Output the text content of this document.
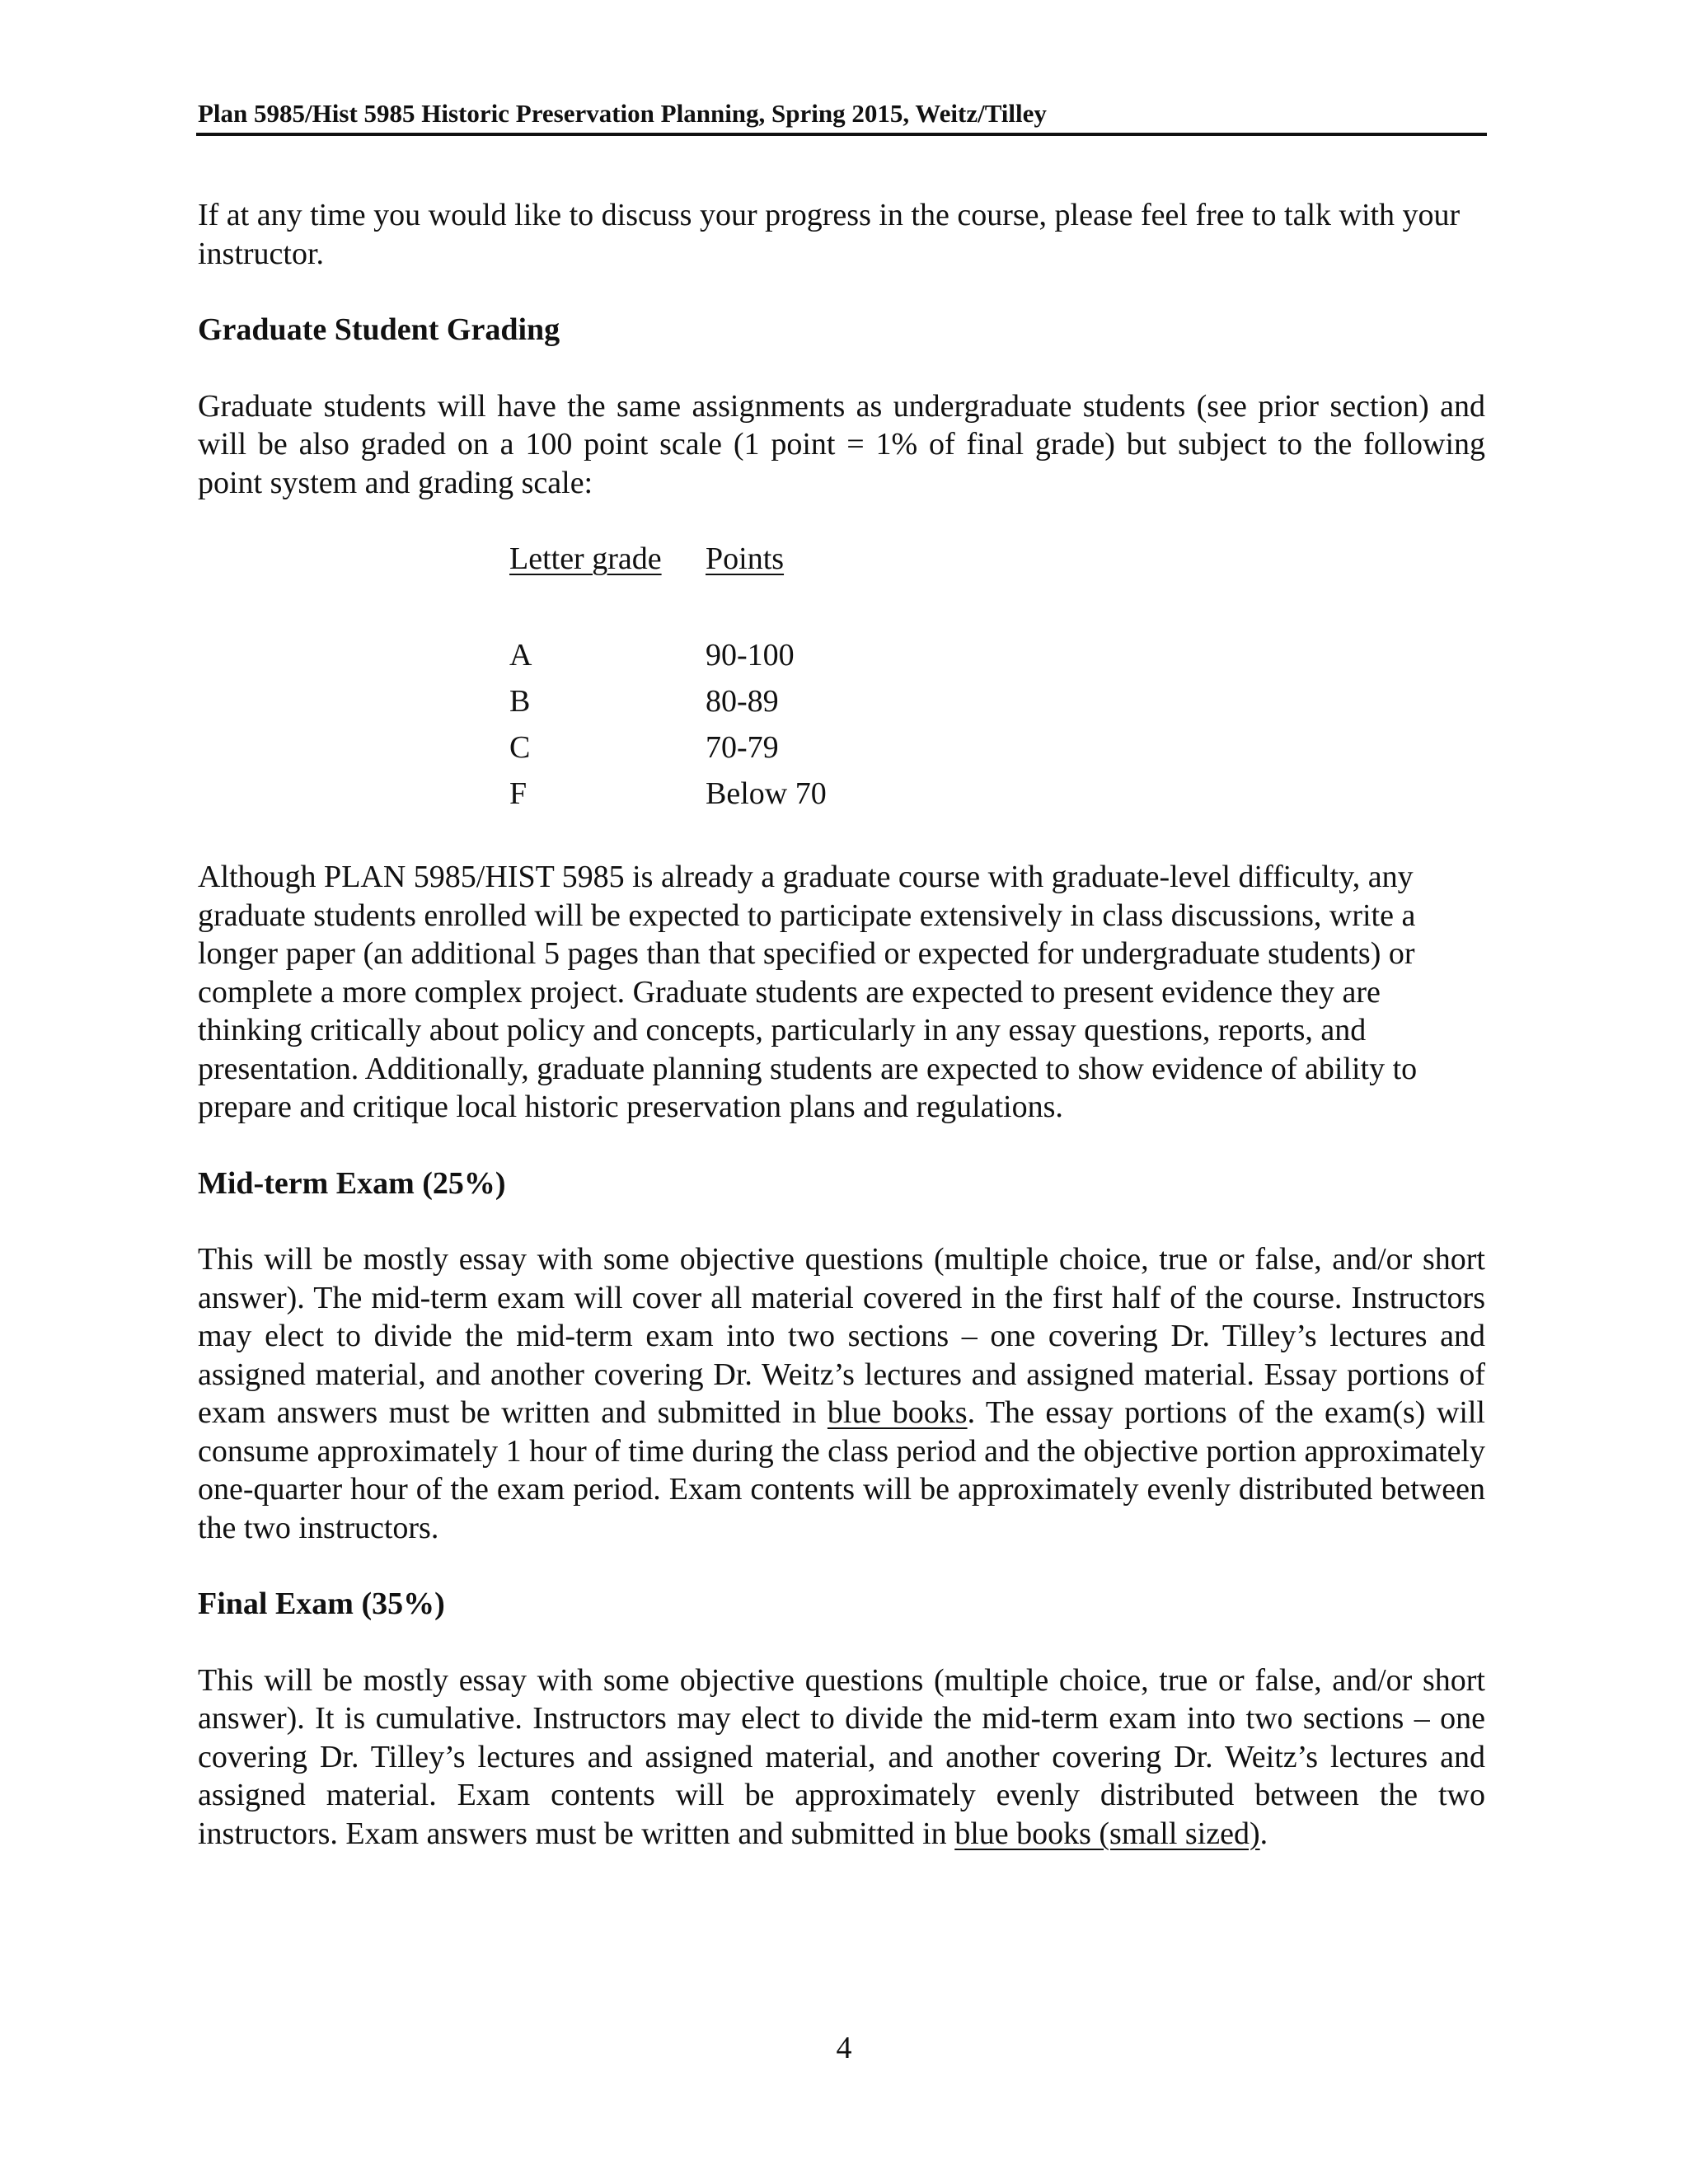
Plan 5985/Hist 5985 Historic Preservation Planning, Spring 2015, Weitz/Tilley

If at any time you would like to discuss your progress in the course, please feel free to talk with your instructor.

Graduate Student Grading

Graduate students will have the same assignments as undergraduate students (see prior section) and will be also graded on a 100 point scale (1 point = 1% of final grade) but subject to the following point system and grading scale:

Letter grade	Points
A	90-100
B	80-89
C	70-79
F	Below 70

Although PLAN 5985/HIST 5985 is already a graduate course with graduate-level difficulty, any graduate students enrolled will be expected to participate extensively in class discussions, write a longer paper (an additional 5 pages than that specified or expected for undergraduate students) or complete a more complex project. Graduate students are expected to present evidence they are thinking critically about policy and concepts, particularly in any essay questions, reports, and presentation. Additionally, graduate planning students are expected to show evidence of ability to prepare and critique local historic preservation plans and regulations.

Mid-term Exam (25%)

This will be mostly essay with some objective questions (multiple choice, true or false, and/or short answer). The mid-term exam will cover all material covered in the first half of the course. Instructors may elect to divide the mid-term exam into two sections – one covering Dr. Tilley’s lectures and assigned material, and another covering Dr. Weitz’s lectures and assigned material. Essay portions of exam answers must be written and submitted in blue books. The essay portions of the exam(s) will consume approximately 1 hour of time during the class period and the objective portion approximately one-quarter hour of the exam period. Exam contents will be approximately evenly distributed between the two instructors.

Final Exam (35%)

This will be mostly essay with some objective questions (multiple choice, true or false, and/or short answer). It is cumulative. Instructors may elect to divide the mid-term exam into two sections – one covering Dr. Tilley’s lectures and assigned material, and another covering Dr. Weitz’s lectures and assigned material. Exam contents will be approximately evenly distributed between the two instructors. Exam answers must be written and submitted in blue books (small sized).

4
